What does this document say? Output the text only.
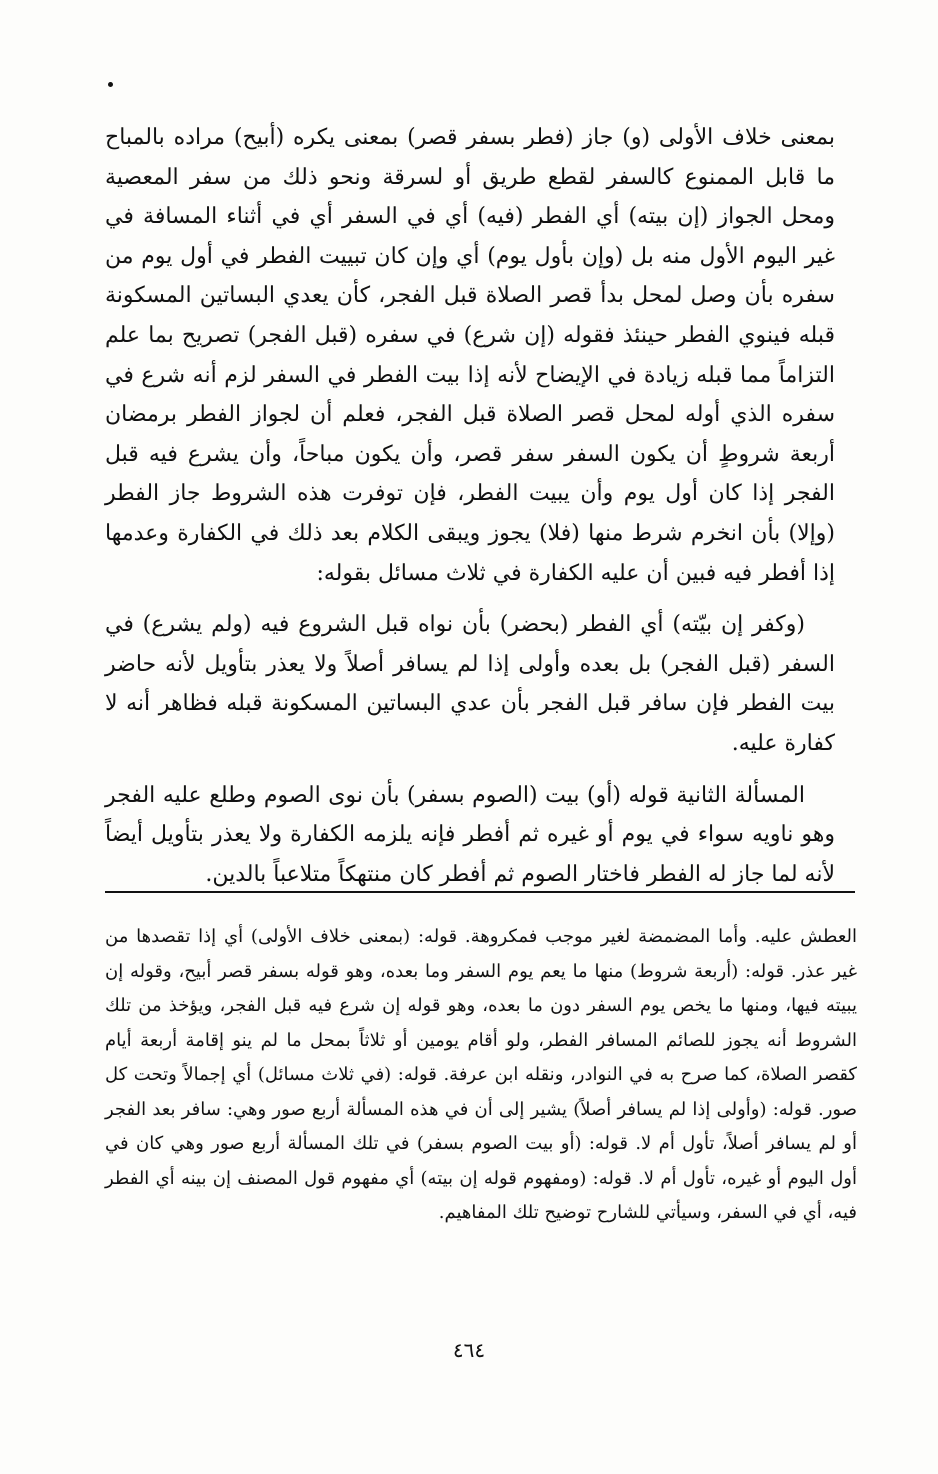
بمعنى خلاف الأولى (و) جاز (فطر بسفر قصر) بمعنى يكره (أبيح) مراده بالمباح ما قابل الممنوع كالسفر لقطع طريق أو لسرقة ونحو ذلك من سفر المعصية ومحل الجواز (إن بيته) أي الفطر (فيه) أي في السفر أي في أثناء المسافة في غير اليوم الأول منه بل (وإن بأول يوم) أي وإن كان تبييت الفطر في أول يوم من سفره بأن وصل لمحل بدأ قصر الصلاة قبل الفجر، كأن يعدي البساتين المسكونة قبله فينوي الفطر حينئذ فقوله (إن شرع) في سفره (قبل الفجر) تصريح بما علم التزاماً مما قبله زيادة في الإيضاح لأنه إذا بيت الفطر في السفر لزم أنه شرع في سفره الذي أوله لمحل قصر الصلاة قبل الفجر، فعلم أن لجواز الفطر برمضان أربعة شروطٍ أن يكون السفر سفر قصر، وأن يكون مباحاً، وأن يشرع فيه قبل الفجر إذا كان أول يوم وأن يبيت الفطر، فإن توفرت هذه الشروط جاز الفطر (وإلا) بأن انخرم شرط منها (فلا) يجوز ويبقى الكلام بعد ذلك في الكفارة وعدمها إذا أفطر فيه فبين أن عليه الكفارة في ثلاث مسائل بقوله:

(وكفر إن بيّته) أي الفطر (بحضر) بأن نواه قبل الشروع فيه (ولم يشرع) في السفر (قبل الفجر) بل بعده وأولى إذا لم يسافر أصلاً ولا يعذر بتأويل لأنه حاضر بيت الفطر فإن سافر قبل الفجر بأن عدي البساتين المسكونة قبله فظاهر أنه لا كفارة عليه.

المسألة الثانية قوله (أو) بيت (الصوم بسفر) بأن نوى الصوم وطلع عليه الفجر وهو ناويه سواء في يوم أو غيره ثم أفطر فإنه يلزمه الكفارة ولا يعذر بتأويل أيضاً لأنه لما جاز له الفطر فاختار الصوم ثم أفطر كان منتهكاً متلاعباً بالدين.

العطش عليه. وأما المضمضة لغير موجب فمكروهة. قوله: (بمعنى خلاف الأولى) أي إذا تقصدها من غير عذر. قوله: (أربعة شروط) منها ما يعم يوم السفر وما بعده، وهو قوله بسفر قصر أبيح، وقوله إن يبيته فيها، ومنها ما يخص يوم السفر دون ما بعده، وهو قوله إن شرع فيه قبل الفجر، ويؤخذ من تلك الشروط أنه يجوز للصائم المسافر الفطر، ولو أقام يومين أو ثلاثاً بمحل ما لم ينو إقامة أربعة أيام كقصر الصلاة، كما صرح به في النوادر، ونقله ابن عرفة. قوله: (في ثلاث مسائل) أي إجمالاً وتحت كل صور. قوله: (وأولى إذا لم يسافر أصلاً) يشير إلى أن في هذه المسألة أربع صور وهي: سافر بعد الفجر أو لم يسافر أصلاً، تأول أم لا. قوله: (أو بيت الصوم بسفر) في تلك المسألة أربع صور وهي كان في أول اليوم أو غيره، تأول أم لا. قوله: (ومفهوم قوله إن بيته) أي مفهوم قول المصنف إن بينه أي الفطر فيه، أي في السفر، وسيأتي للشارح توضيح تلك المفاهيم.

٤٦٤
